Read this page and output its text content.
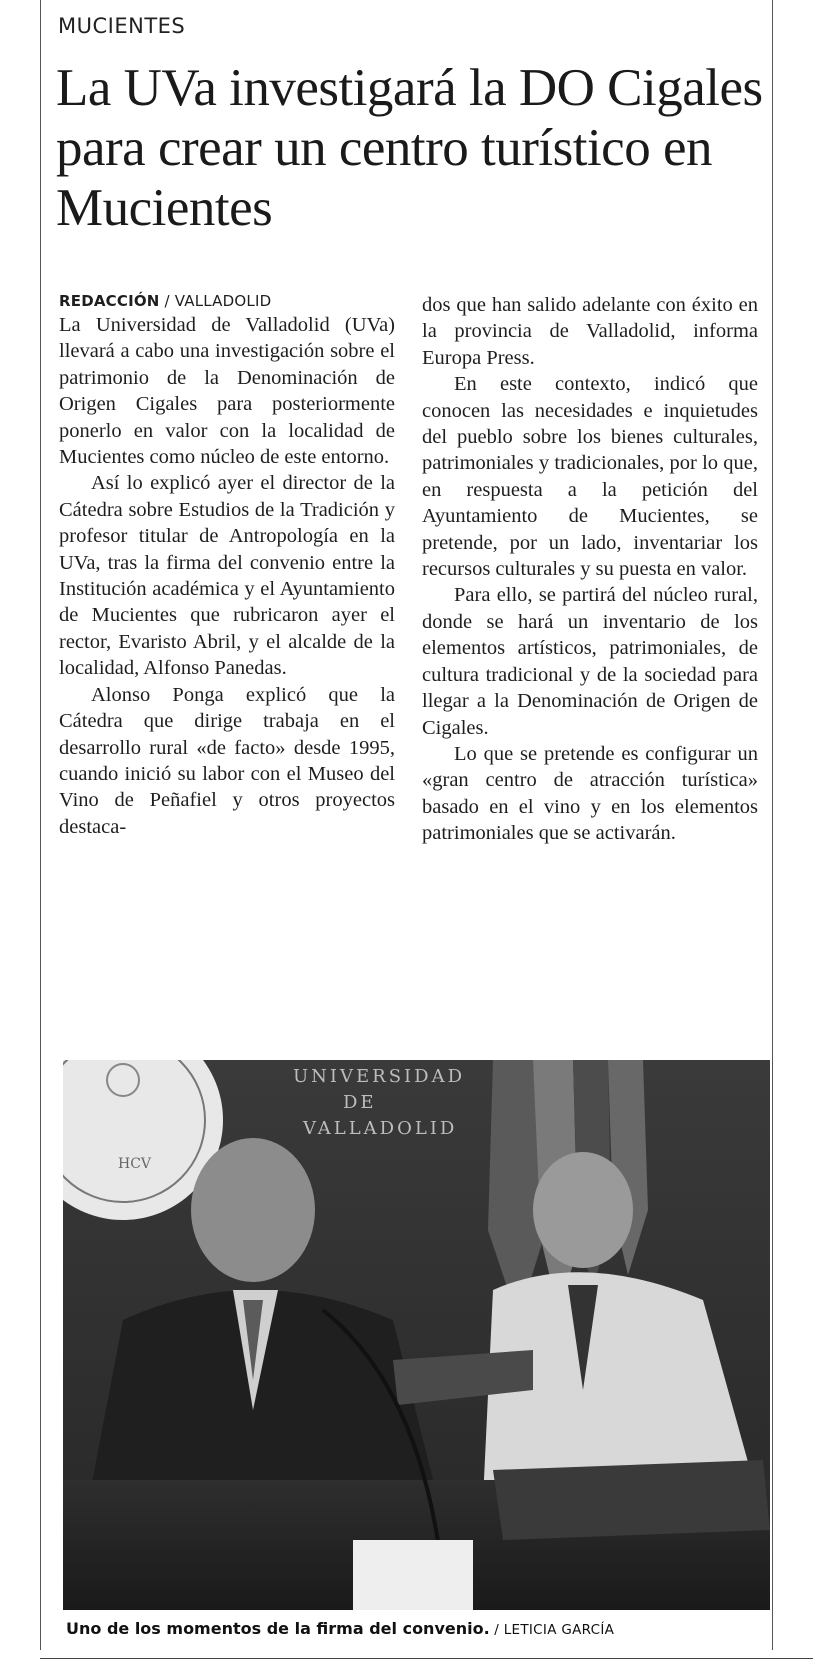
MUCIENTES
La UVa investigará la DO Cigales para crear un centro turístico en Mucientes
REDACCIÓN / VALLADOLID

La Universidad de Valladolid (UVa) llevará a cabo una investigación sobre el patrimonio de la Denominación de Origen Cigales para posteriormente ponerlo en valor con la localidad de Mucientes como núcleo de este entorno.

Así lo explicó ayer el director de la Cátedra sobre Estudios de la Tradición y profesor titular de Antropología en la UVa, tras la firma del convenio entre la Institución académica y el Ayuntamiento de Mucientes que rubricaron ayer el rector, Evaristo Abril, y el alcalde de la localidad, Alfonso Panedas.

Alonso Ponga explicó que la Cátedra que dirige trabaja en el desarrollo rural «de facto» desde 1995, cuando inició su labor con el Museo del Vino de Peñafiel y otros proyectos destaca-

dos que han salido adelante con éxito en la provincia de Valladolid, informa Europa Press.

En este contexto, indicó que conocen las necesidades e inquietudes del pueblo sobre los bienes culturales, patrimoniales y tradicionales, por lo que, en respuesta a la petición del Ayuntamiento de Mucientes, se pretende, por un lado, inventariar los recursos culturales y su puesta en valor.

Para ello, se partirá del núcleo rural, donde se hará un inventario de los elementos artísticos, patrimoniales, de cultura tradicional y de la sociedad para llegar a la Denominación de Origen de Cigales.

Lo que se pretende es configurar un «gran centro de atracción turística» basado en el vino y en los elementos patrimoniales que se activarán.

HCV
UNIVERSIDAD
DE
VALLADOLID
Uno de los momentos de la firma del convenio. / LETICIA GARCÍA
